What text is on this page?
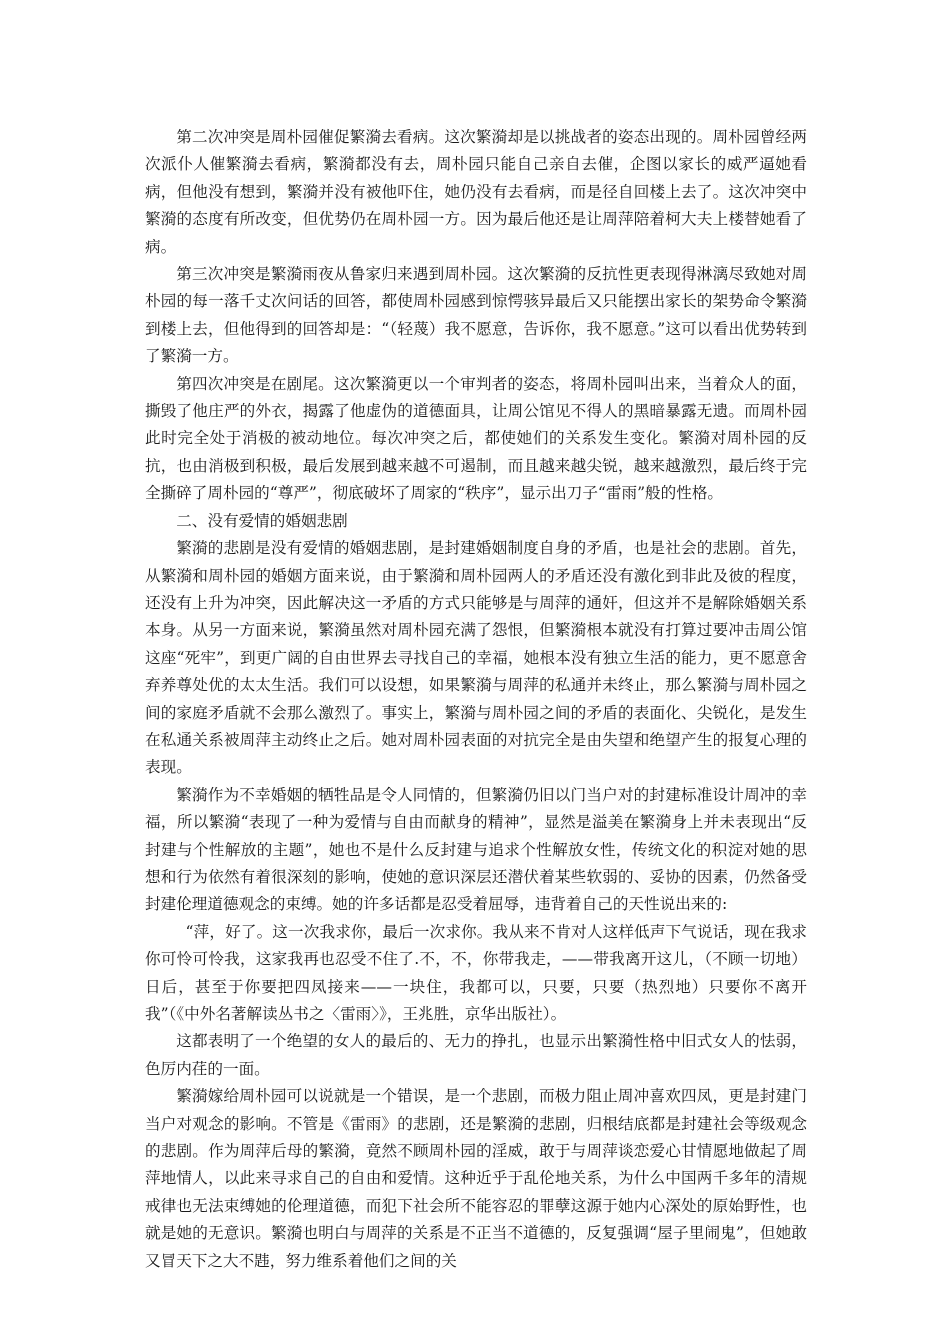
第二次冲突是周朴园催促繁漪去看病。这次繁漪却是以挑战者的姿态出现的。周朴园曾经两次派仆人催繁漪去看病，繁漪都没有去，周朴园只能自己亲自去催，企图以家长的威严逼她看病，但他没有想到，繁漪并没有被他吓住，她仍没有去看病，而是径自回楼上去了。这次冲突中繁漪的态度有所改变，但优势仍在周朴园一方。因为最后他还是让周萍陪着柯大夫上楼替她看了病。

第三次冲突是繁漪雨夜从鲁家归来遇到周朴园。这次繁漪的反抗性更表现得淋漓尽致她对周朴园的每一落千丈次问话的回答，都使周朴园感到惊愕骇异最后又只能摆出家长的架势命令繁漪到楼上去，但他得到的回答却是：“（轻蔑）我不愿意，告诉你，我不愿意。”这可以看出优势转到了繁漪一方。

第四次冲突是在剧尾。这次繁漪更以一个审判者的姿态，将周朴园叫出来，当着众人的面，撕毁了他庄严的外衣，揭露了他虚伪的道德面具，让周公馆见不得人的黑暗暴露无遗。而周朴园此时完全处于消极的被动地位。每次冲突之后，都使她们的关系发生变化。繁漪对周朴园的反抗，也由消极到积极，最后发展到越来越不可遏制，而且越来越尖锐，越来越激烈，最后终于完全撕碎了周朴园的“尊严”，彻底破坏了周家的“秩序”，显示出刀子“雷雨”般的性格。

二、没有爱情的婚姻悲剧

繁漪的悲剧是没有爱情的婚姻悲剧，是封建婚姻制度自身的矛盾，也是社会的悲剧。首先，从繁漪和周朴园的婚姻方面来说，由于繁漪和周朴园两人的矛盾还没有激化到非此及彼的程度，还没有上升为冲突，因此解决这一矛盾的方式只能够是与周萍的通奸，但这并不是解除婚姻关系本身。从另一方面来说，繁漪虽然对周朴园充满了怨恨，但繁漪根本就没有打算过要冲击周公馆这座“死牢”，到更广阔的自由世界去寻找自己的幸福，她根本没有独立生活的能力，更不愿意舍弃养尊处优的太太生活。我们可以设想，如果繁漪与周萍的私通并未终止，那么繁漪与周朴园之间的家庭矛盾就不会那么激烈了。事实上，繁漪与周朴园之间的矛盾的表面化、尖锐化，是发生在私通关系被周萍主动终止之后。她对周朴园表面的对抗完全是由失望和绝望产生的报复心理的表现。

繁漪作为不幸婚姻的牺牲品是令人同情的，但繁漪仍旧以门当户对的封建标准设计周冲的幸福，所以繁漪“表现了一种为爱情与自由而献身的精神”，显然是溢美在繁漪身上并未表现出“反封建与个性解放的主题”，她也不是什么反封建与追求个性解放女性，传统文化的积淀对她的思想和行为依然有着很深刻的影响，使她的意识深层还潜伏着某些软弱的、妥协的因素，仍然备受封建伦理道德观念的束缚。她的许多话都是忍受着屈辱，违背着自己的天性说出来的:

“萍，好了。这一次我求你，最后一次求你。我从来不肯对人这样低声下气说话，现在我求你可怜可怜我，这家我再也忍受不住了.不，不，你带我走，——带我离开这儿，（不顾一切地）日后，甚至于你要把四凤接来——一块住，我都可以，只要，只要（热烈地）只要你不离开我”（《中外名著解读丛书之〈雷雨〉》，王兆胜，京华出版社）。

这都表明了一个绝望的女人的最后的、无力的挣扎，也显示出繁漪性格中旧式女人的怯弱，色厉内荏的一面。

繁漪嫁给周朴园可以说就是一个错误，是一个悲剧，而极力阻止周冲喜欢四凤，更是封建门当户对观念的影响。不管是《雷雨》的悲剧，还是繁漪的悲剧，归根结底都是封建社会等级观念的悲剧。作为周萍后母的繁漪，竟然不顾周朴园的淫威，敢于与周萍谈恋爱心甘情愿地做起了周萍地情人，以此来寻求自己的自由和爱情。这种近乎于乱伦地关系，为什么中国两千多年的清规戒律也无法束缚她的伦理道德，而犯下社会所不能容忍的罪孽这源于她内心深处的原始野性，也就是她的无意识。繁漪也明白与周萍的关系是不正当不道德的，反复强调“屋子里闹鬼”，但她敢又冒天下之大不韪，努力维系着他们之间的关
